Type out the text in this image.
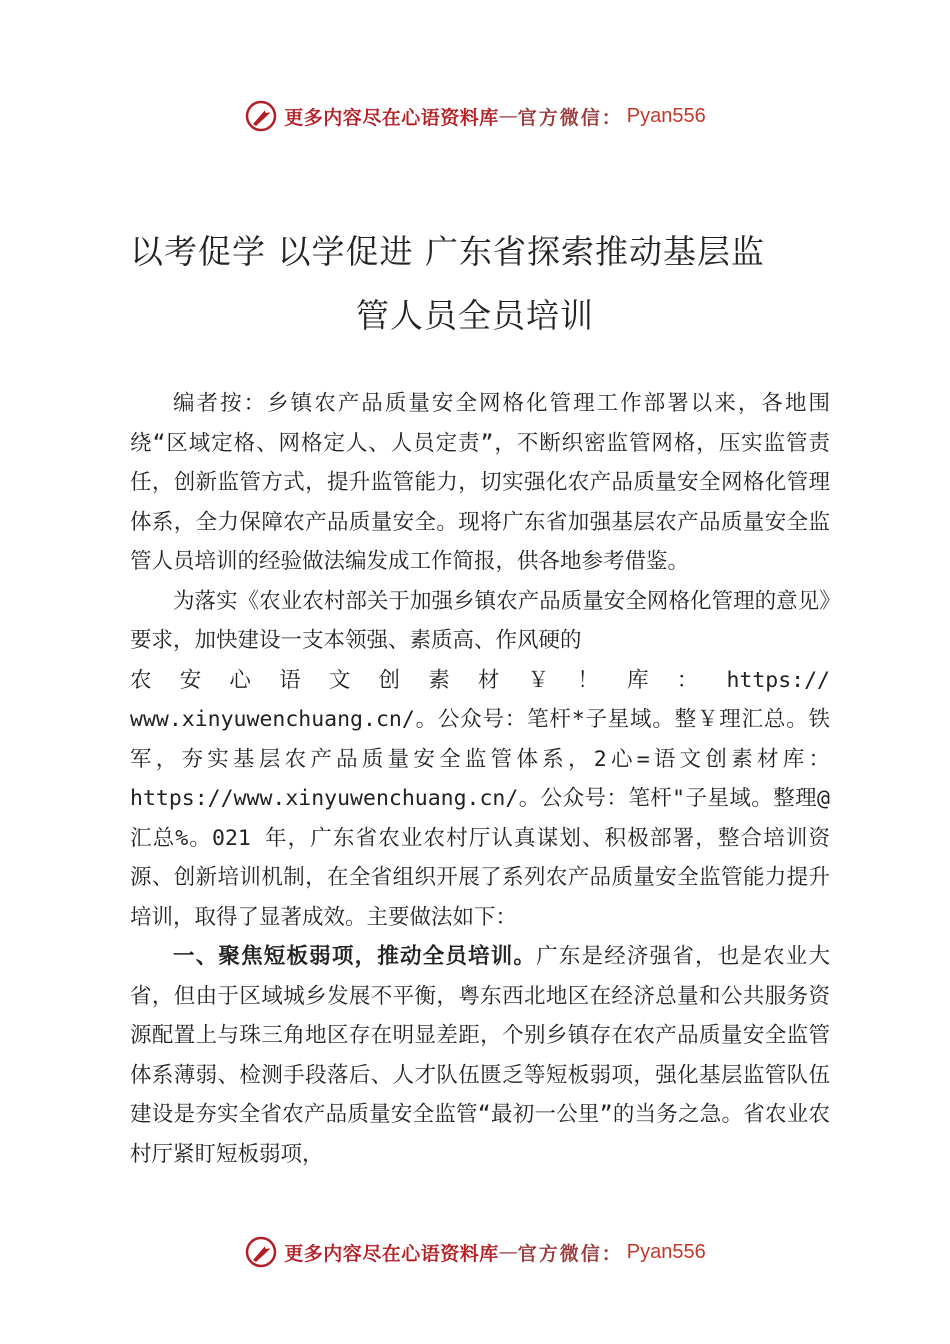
更多内容尽在心语资料库 — 官方微信： Pyan556
以考促学 以学促进 广东省探索推动基层监
管人员全员培训

编者按：乡镇农产品质量安全网格化管理工作部署以来，各地围绕“区域定格、网格定人、人员定责”，不断织密监管网格，压实监管责任，创新监管方式，提升监管能力，切实强化农产品质量安全网格化管理体系，全力保障农产品质量安全。现将广东省加强基层农产品质量安全监管人员培训的经验做法编发成工作简报，供各地参考借鉴。

为落实《农业农村部关于加强乡镇农产品质量安全网格化管理的意见》要求，加快建设一支本领强、素质高、作风硬的
农 安 心 语 文 创 素 材 ￥ ！ 库 ： https://
www.xinyuwenchuang.cn/。公众号：笔杆*子星域。整￥理汇总。铁军，夯实基层农产品质量安全监管体系，2心=语文创素材库：https://www.xinyuwenchuang.cn/。公众号：笔杆"子星域。整理@汇总%。021 年，广东省农业农村厅认真谋划、积极部署，整合培训资源、创新培训机制，在全省组织开展了系列农产品质量安全监管能力提升培训，取得了显著成效。主要做法如下：

一、聚焦短板弱项，推动全员培训。广东是经济强省，也是农业大省，但由于区域城乡发展不平衡，粤东西北地区在经济总量和公共服务资源配置上与珠三角地区存在明显差距，个别乡镇存在农产品质量安全监管体系薄弱、检测手段落后、人才队伍匮乏等短板弱项，强化基层监管队伍建设是夯实全省农产品质量安全监管“最初一公里”的当务之急。省农业农村厅紧盯短板弱项，

更多内容尽在心语资料库 — 官方微信： Pyan556
